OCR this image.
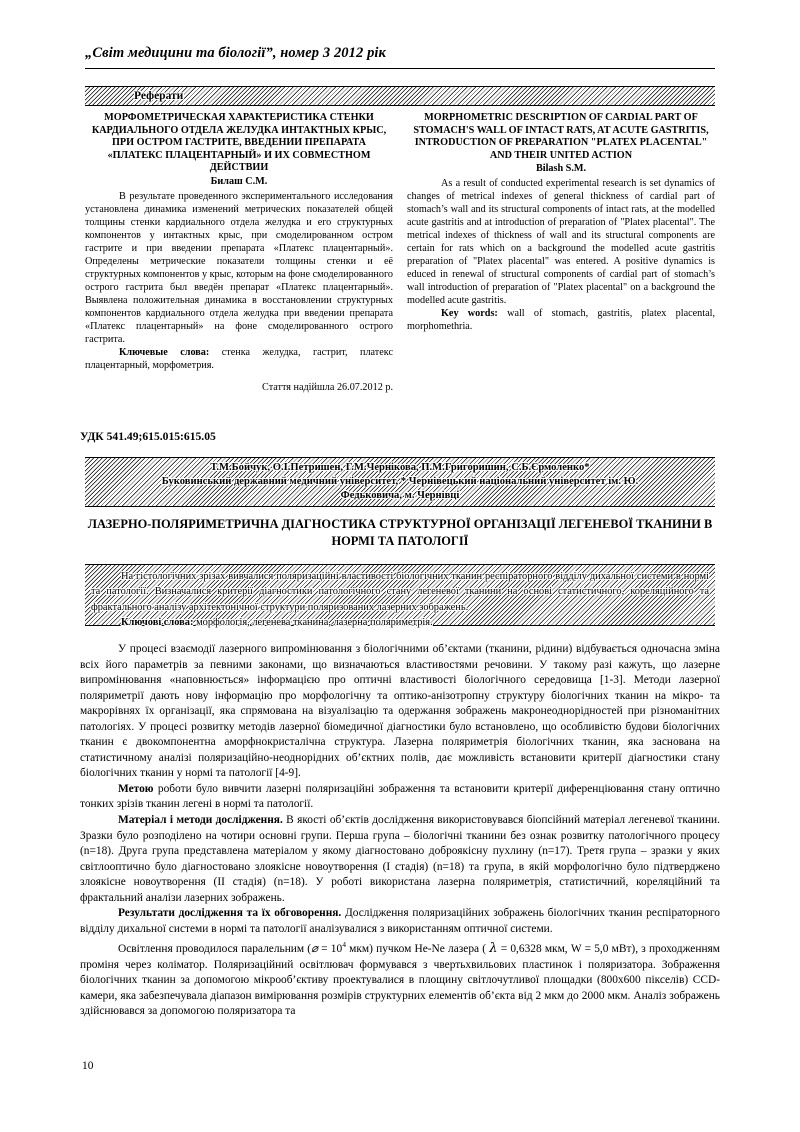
„Світ медицини та біології”, номер 3 2012 рік
Реферати
МОРФОМЕТРИЧЕСКАЯ ХАРАКТЕРИСТИКА СТЕНКИ КАРДИАЛЬНОГО ОТДЕЛА ЖЕЛУДКА ИНТАКТНЫХ КРЫС, ПРИ ОСТРОМ ГАСТРИТЕ, ВВЕДЕНИИ ПРЕПАРАТА «ПЛАТЕКС ПЛАЦЕНТАРНЫЙ» И ИХ СОВМЕСТНОМ ДЕЙСТВИИ
Билаш С.М.

В результате проведенного экспериментального исследования установлена динамика изменений метрических показателей общей толщины стенки кардиального отдела желудка и его структурных компонентов у интактных крыс, при смоделированном остром гастрите и при введении препарата «Платекс плацентарный». Определены метрические показатели толщины стенки и её структурных компонентов у крыс, которым на фоне смоделированного острого гастрита был введён препарат «Платекс плацентарный». Выявлена положительная динамика в восстановлении структурных компонентов кардиального отдела желудка при введении препарата «Платекс плацентарный» на фоне смоделированного острого гастрита.

Ключевые слова: стенка желудка, гастрит, платекс плацентарный, морфометрия.

Стаття надійшла 26.07.2012 р.
MORPHOMETRIC DESCRIPTION OF CARDIAL PART OF STOMACH'S WALL OF INTACT RATS, AT ACUTE GASTRITIS, INTRODUCTION OF PREPARATION "PLATEX PLACENTAL" AND THEIR UNITED ACTION
Bilash S.M.

As a result of conducted experimental research is set dynamics of changes of metrical indexes of general thickness of cardial part of stomach’s wall and its structural components of intact rats, at the modelled acute gastritis and at introduction of preparation of "Platex placental". The metrical indexes of thickness of wall and its structural components are certain for rats which on a background the modelled acute gastritis preparation of "Platex placental" was entered. A positive dynamics is educed in renewal of structural components of cardial part of stomach’s wall introduction of preparation of "Platex placental" on a background the modelled acute gastritis.

Key words: wall of stomach, gastritis, platex placental, morphomethria.

УДК 541.49;615.015:615.05
Т.М.Бойчук, О.І.Петришен, Г.М.Чернікова, П.М.Григоришин, С.Б.Єрмоленко*
Буковинський державний медичний університет, * Чернівецький національний університет ім. Ю.
Федьковича, м. Чернівці
ЛАЗЕРНО-ПОЛЯРИМЕТРИЧНА ДІАГНОСТИКА СТРУКТУРНОЇ ОРГАНІЗАЦІЇ ЛЕГЕНЕВОЇ ТКАНИНИ В НОРМІ ТА ПАТОЛОГІЇ

На гістологічних зрізах вивчалися поляризаційні властивості біологічних тканин респіраторного відділу дихальної системи в нормі та патології. Визначалися критерії діагностики патологічного стану легеневої тканини на основі статистичного, кореляційного та фрактального аналізу архітектонічної структури поляризованих лазерних зображень.

Ключові слова: морфологія, легенева тканина, лазерна поляриметрія.

У процесі взаємодії лазерного випромінювання з біологічними об’єктами (тканини, рідини) відбувається одночасна зміна всіх його параметрів за певними законами, що визначаються властивостями речовини. У такому разі кажуть, що лазерне випромінювання «наповнюється» інформацією про оптичні властивості біологічного середовища [1-3]. Методи лазерної поляриметрії дають нову інформацію про морфологічну та оптико-анізотропну структуру біологічних тканин на мікро- та макрорівнях їх організації, яка спрямована на візуалізацію та одержання зображень макронеоднорідностей при різноманітних патологіях. У процесі розвитку методів лазерної біомедичної діагностики було встановлено, що особливістю будови біологічних тканин є двокомпонентна аморфнокристалічна структура. Лазерна поляриметрія біологічних тканин, яка заснована на статистичному аналізі поляризаційно-неоднорідних об’єктних полів, дає можливість встановити критерії діагностики стану біологічних тканин у нормі та патології [4-9].

Метою роботи було вивчити лазерні поляризаційні зображення та встановити критерії диференціювання стану оптично тонких зрізів тканин легені в нормі та патології.

Матеріал і методи дослідження. В якості об’єктів дослідження використовувався біопсійний матеріал легеневої тканини. Зразки було розподілено на чотири основні групи. Перша група – біологічні тканини без ознак розвитку патологічного процесу (n=18). Друга група представлена матеріалом у якому діагностовано доброякісну пухлину (n=17). Третя група – зразки у яких світлооптично було діагностовано злоякісне новоутворення (I стадія) (n=18) та група, в якій морфологічно було підтверджено злоякісне новоутворення (II стадія) (n=18). У роботі використана лазерна поляриметрія, статистичний, кореляційний та фрактальний аналізи лазерних зображень.

Результати дослідження та їх обговорення. Дослідження поляризаційних зображень біологічних тканин респіраторного відділу дихальної системи в нормі та патології аналізувалися з використанням оптичної системи.

Освітлення проводилося паралельним (⌀ = $10^4$ мкм) пучком He-Ne лазера ( λ = 0,6328 мкм, W = 5,0 мВт), з проходженням проміня через коліматор. Поляризаційний освітлювач формувався з чвертьхвильових пластинок і поляризатора. Зображення біологічних тканин за допомогою мікрооб’єктиву проектувалися в площину світлочутливої площадки (800x600 пікселів) CCD-камери, яка забезпечувала діапазон вимірювання розмірів структурних елементів об’єкта від 2 мкм до 2000 мкм. Аналіз зображень здійснювався за допомогою поляризатора та

10
